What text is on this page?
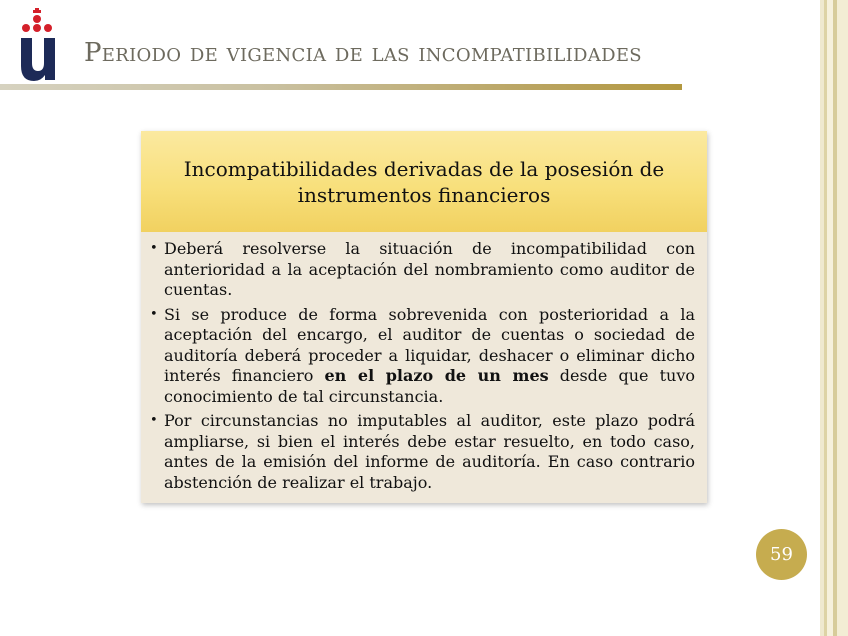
Periodo de vigencia de las incompatibilidades
Incompatibilidades derivadas de la posesión de instrumentos financieros
• Deberá resolverse la situación de incompatibilidad con anterioridad a la aceptación del nombramiento como auditor de cuentas.
• Si se produce de forma sobrevenida con posterioridad a la aceptación del encargo, el auditor de cuentas o sociedad de auditoría deberá proceder a liquidar, deshacer o eliminar dicho interés financiero en el plazo de un mes desde que tuvo conocimiento de tal circunstancia.
• Por circunstancias no imputables al auditor, este plazo podrá ampliarse, si bien el interés debe estar resuelto, en todo caso, antes de la emisión del informe de auditoría. En caso contrario abstención de realizar el trabajo.
59
